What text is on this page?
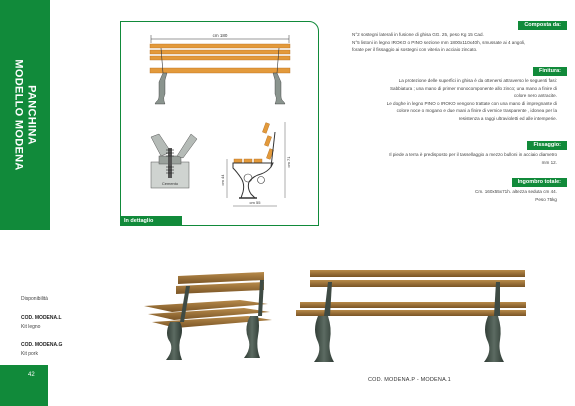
PANCHINA
MODELLO MODENA
cm 180
Cemento	cm 44
cm 71
cm 55
In dettaglio
Composta da:

N°2 sostegni laterali in fusione di ghisa GG. 25, peso Kg 15 Cad.

N°5 listoni in legno IROKO o PINO sezione mm 1800x110x40h, smussate ai 4 angoli,

forate per il fissaggio ai sostegni con viteria in acciaio zincato.

Finitura:

La protezione delle superfici in ghisa è da ottenersi attraverso le seguenti fasi:

Sabbiatura ; una mano di primer monocomponente allo zinco; una mano a finire di

colore nero antracite.

Le doghe in legno PINO o IROKO vengono trattate con una mano di impregnante di

colore noce o mogano e due mani a finire di vernice trasparente , idonea per la

resistenza a raggi ultravioletti ed alle intemperie.

Fissaggio:

Il piede a terra è predisposto per il tassellaggio a mezzo bulloni in acciaio diametro

mm 12.

Ingombro totale:

Cm. 160x55x71h. altezza seduta cm 44.

Peso 75kg

Disponibilità
COD. MODENA.L
Kit legno
COD. MODENA.G
Kit pork
42
COD. MODENA.P - MODENA.1
